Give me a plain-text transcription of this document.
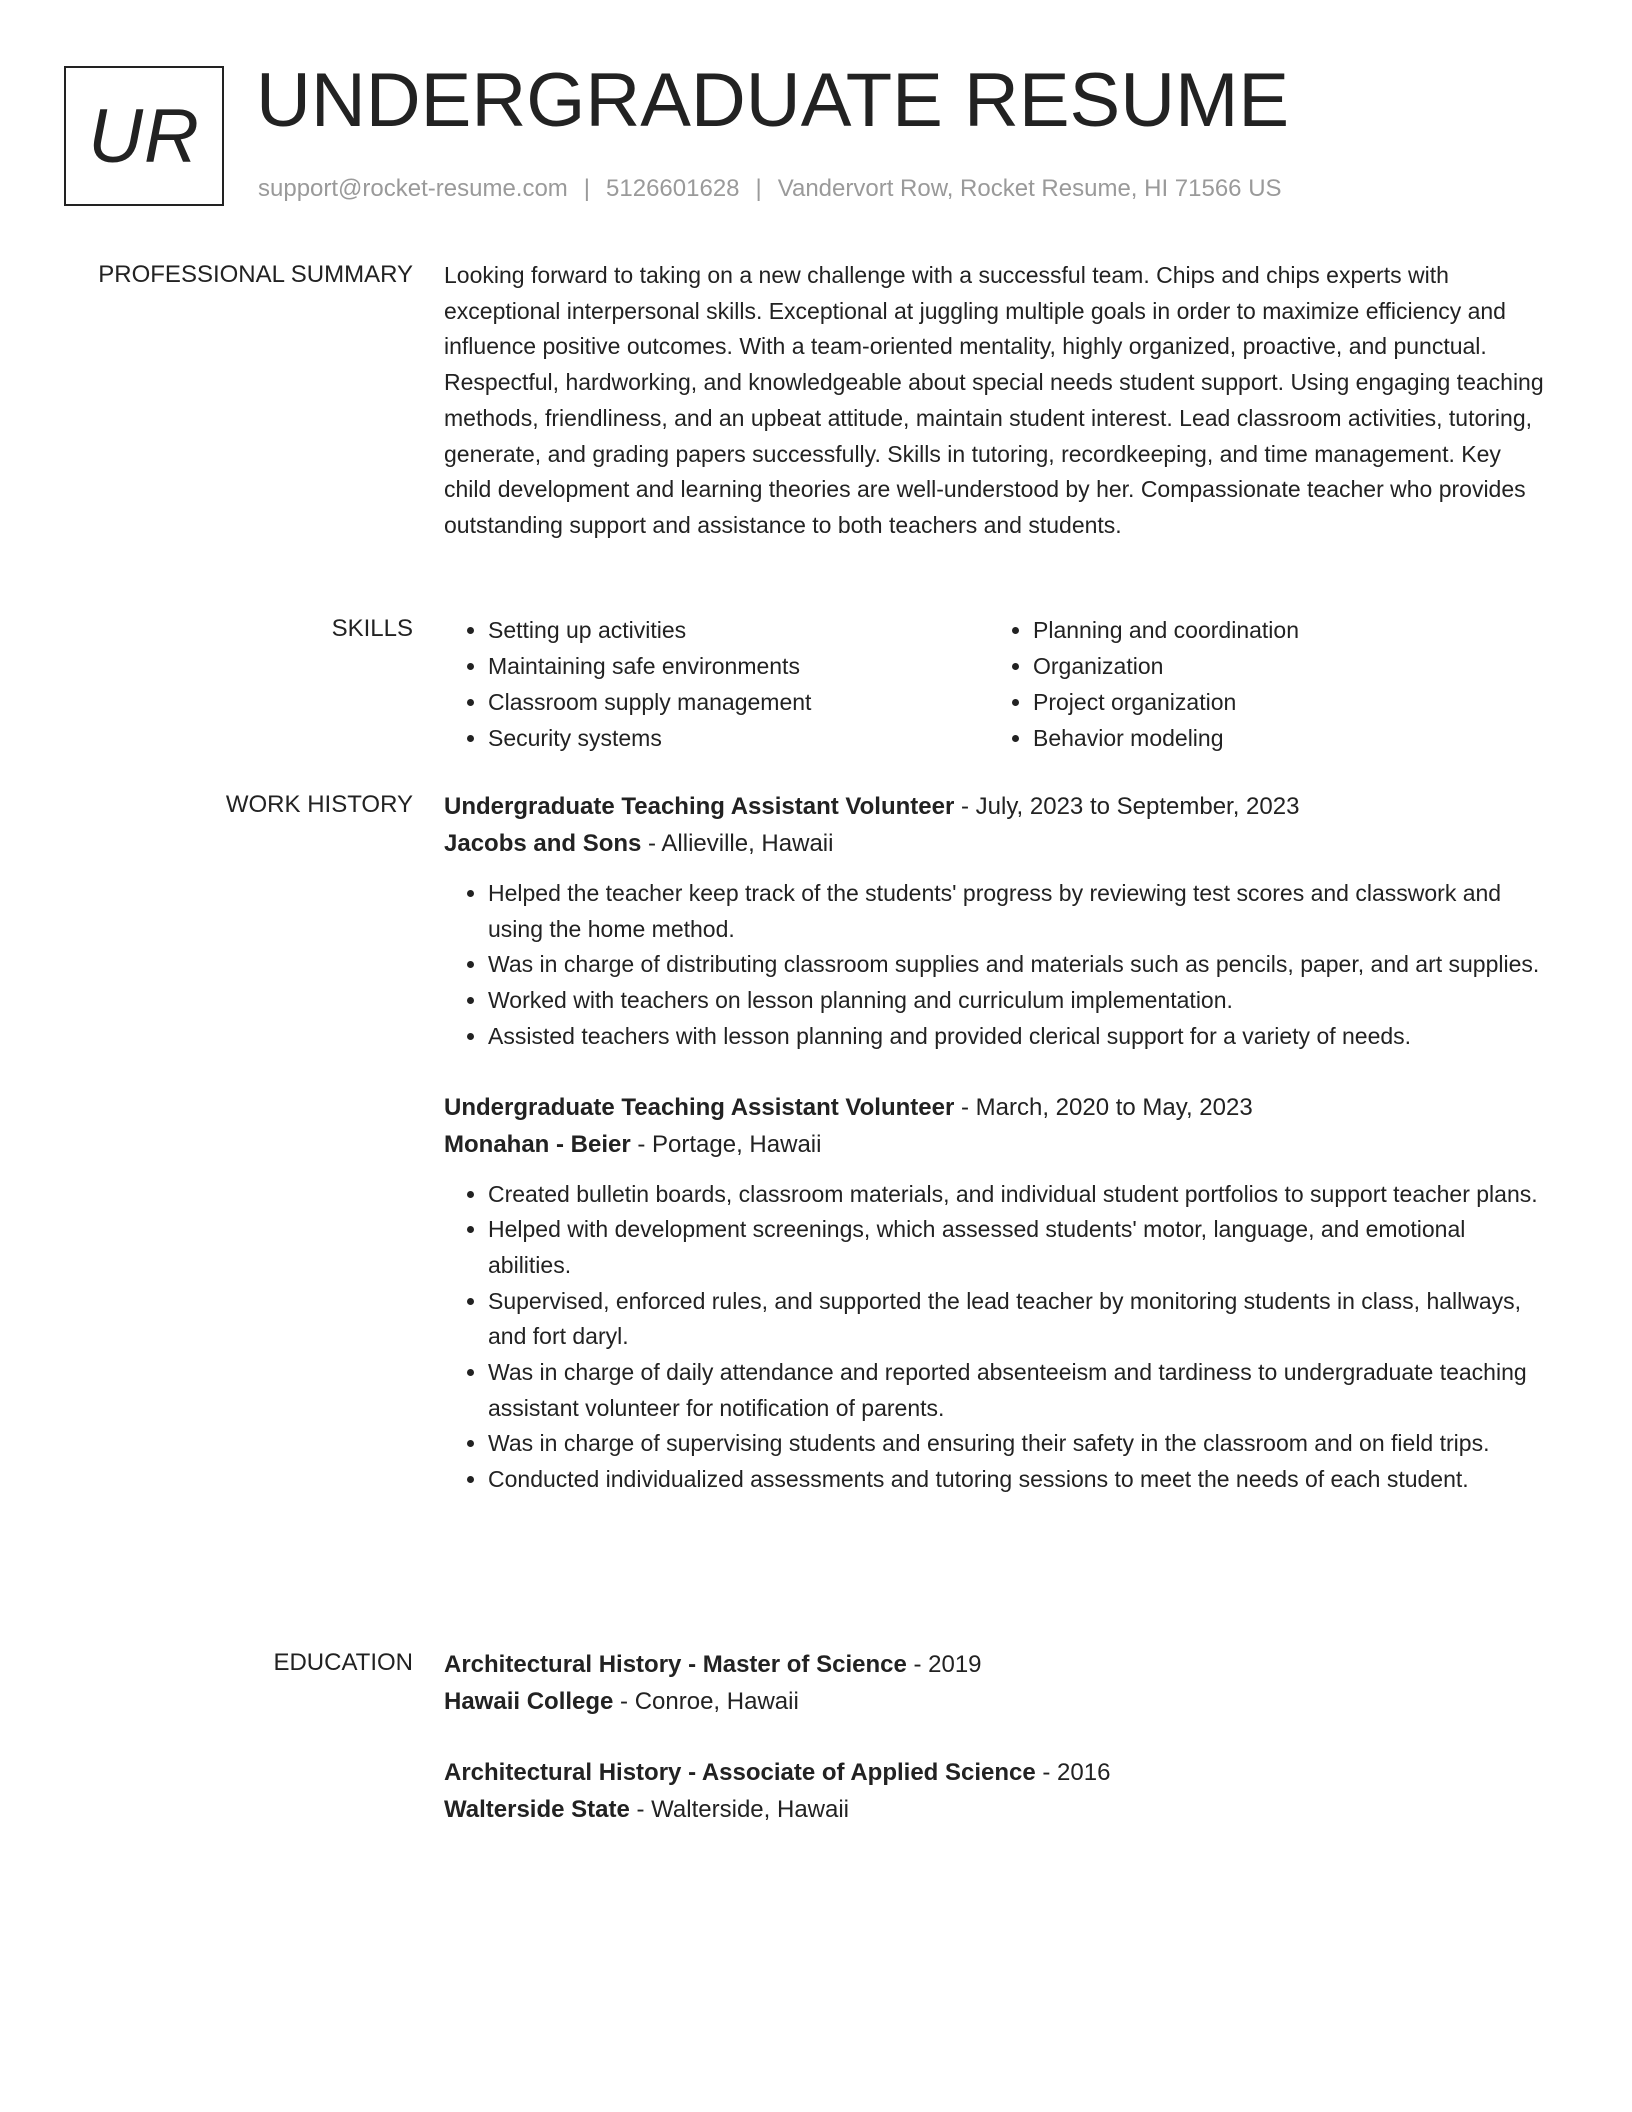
UR UNDERGRADUATE RESUME
support@rocket-resume.com | 5126601628 | Vandervort Row, Rocket Resume, HI 71566 US
PROFESSIONAL SUMMARY Looking forward to taking on a new challenge with a successful team. Chips and chips experts with exceptional interpersonal skills. Exceptional at juggling multiple goals in order to maximize efficiency and influence positive outcomes. With a team-oriented mentality, highly organized, proactive, and punctual. Respectful, hardworking, and knowledgeable about special needs student support. Using engaging teaching methods, friendliness, and an upbeat attitude, maintain student interest. Lead classroom activities, tutoring, generate, and grading papers successfully. Skills in tutoring, recordkeeping, and time management. Key child development and learning theories are well-understood by her. Compassionate teacher who provides outstanding support and assistance to both teachers and students.

SKILLS
•	Setting up activities
• Maintaining safe environments
• Classroom supply management
• Security systems
• Planning and coordination
• Organization
• Project organization
• Behavior modeling
WORK HISTORY Undergraduate Teaching Assistant Volunteer - July, 2023 to September, 2023
Jacobs and Sons - Allieville, Hawaii
• Helped the teacher keep track of the students' progress by reviewing test scores and classwork and using the home method.
• Was in charge of distributing classroom supplies and materials such as pencils, paper, and art supplies.
• Worked with teachers on lesson planning and curriculum implementation.
• Assisted teachers with lesson planning and provided clerical support for a variety of needs.
Undergraduate Teaching Assistant Volunteer - March, 2020 to May, 2023
Monahan - Beier - Portage, Hawaii
• Created bulletin boards, classroom materials, and individual student portfolios to support teacher plans.
• Helped with development screenings, which assessed students' motor, language, and emotional abilities.
• Supervised, enforced rules, and supported the lead teacher by monitoring students in class, hallways, and fort daryl.
• Was in charge of daily attendance and reported absenteeism and tardiness to undergraduate teaching assistant volunteer for notification of parents.
• Was in charge of supervising students and ensuring their safety in the classroom and on field trips.
• Conducted individualized assessments and tutoring sessions to meet the needs of each student.
EDUCATION Architectural History - Master of Science - 2019
Hawaii College - Conroe, Hawaii
Architectural History - Associate of Applied Science - 2016
Walterside State - Walterside, Hawaii
